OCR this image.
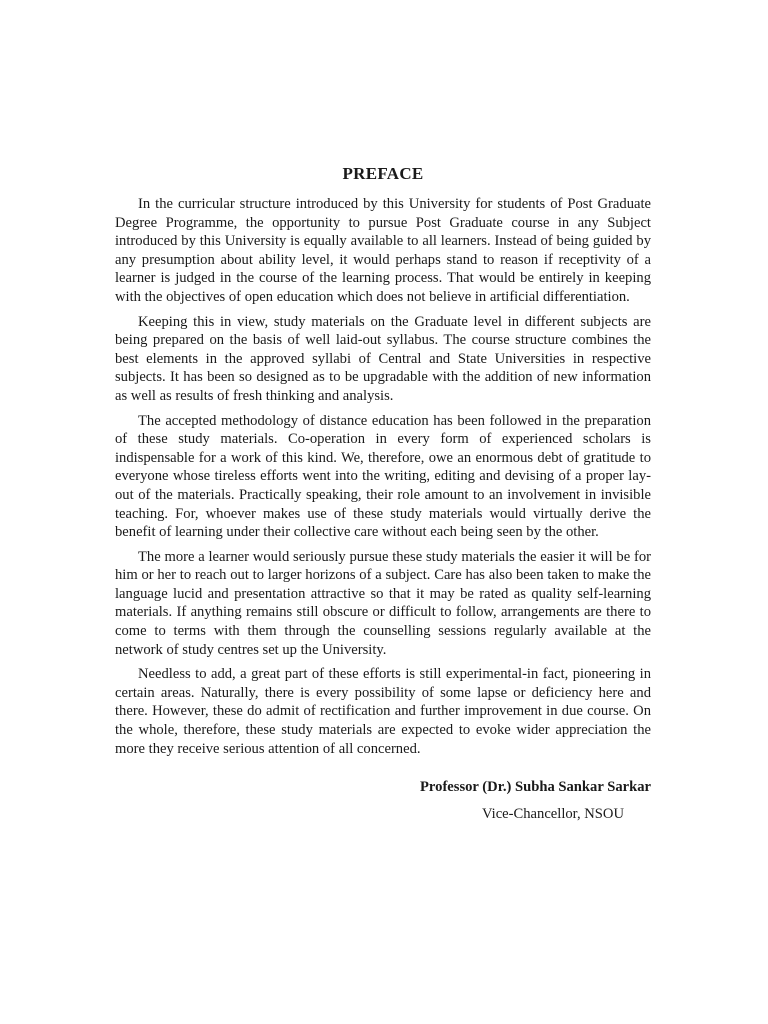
PREFACE

In the curricular structure introduced by this University for students of Post Graduate Degree Programme, the opportunity to pursue Post Graduate course in any Subject introduced by this University is equally available to all learners. Instead of being guided by any presumption about ability level, it would perhaps stand to reason if receptivity of a learner is judged in the course of the learning process. That would be entirely in keeping with the objectives of open education which does not believe in artificial differentiation.

Keeping this in view, study materials on the Graduate level in different subjects are being prepared on the basis of well laid-out syllabus. The course structure combines the best elements in the approved syllabi of Central and State Universities in respective subjects. It has been so designed as to be upgradable with the addition of new information as well as results of fresh thinking and analysis.

The accepted methodology of distance education has been followed in the preparation of these study materials. Co-operation in every form of experienced scholars is indispensable for a work of this kind. We, therefore, owe an enormous debt of gratitude to everyone whose tireless efforts went into the writing, editing and devising of a proper lay-out of the materials. Practically speaking, their role amount to an involvement in invisible teaching. For, whoever makes use of these study materials would virtually derive the benefit of learning under their collective care without each being seen by the other.

The more a learner would seriously pursue these study materials the easier it will be for him or her to reach out to larger horizons of a subject. Care has also been taken to make the language lucid and presentation attractive so that it may be rated as quality self-learning materials. If anything remains still obscure or difficult to follow, arrangements are there to come to terms with them through the counselling sessions regularly available at the network of study centres set up the University.

Needless to add, a great part of these efforts is still experimental-in fact, pioneering in certain areas. Naturally, there is every possibility of some lapse or deficiency here and there. However, these do admit of rectification and further improvement in due course. On the whole, therefore, these study materials are expected to evoke wider appreciation the more they receive serious attention of all concerned.

Professor (Dr.) Subha Sankar Sarkar
Vice-Chancellor, NSOU
